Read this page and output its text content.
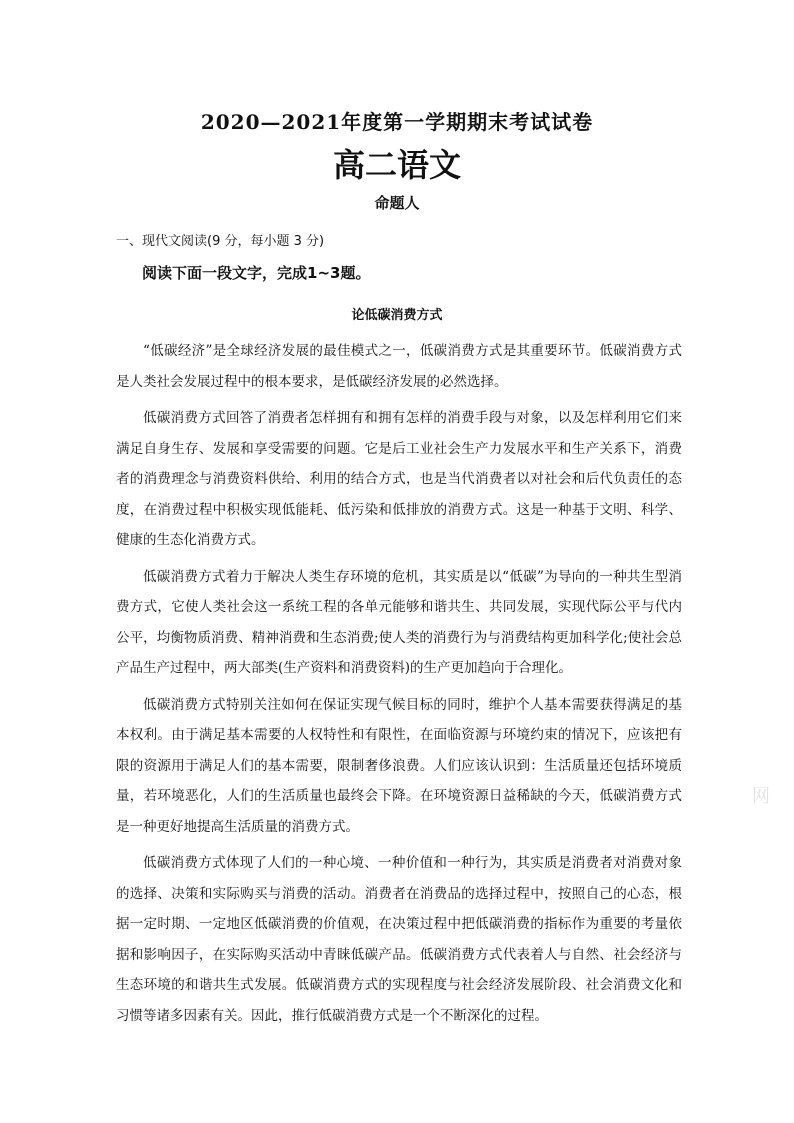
2020—2021年度第一学期期末考试试卷
高二语文
命题人
一、现代文阅读(9 分，每小题 3 分)
阅读下面一段文字，完成1~3题。
论低碳消费方式

“低碳经济”是全球经济发展的最佳模式之一，低碳消费方式是其重要环节。低碳消费方式是人类社会发展过程中的根本要求，是低碳经济发展的必然选择。

低碳消费方式回答了消费者怎样拥有和拥有怎样的消费手段与对象，以及怎样利用它们来满足自身生存、发展和享受需要的问题。它是后工业社会生产力发展水平和生产关系下，消费者的消费理念与消费资料供给、利用的结合方式，也是当代消费者以对社会和后代负责任的态度，在消费过程中积极实现低能耗、低污染和低排放的消费方式。这是一种基于文明、科学、健康的生态化消费方式。

低碳消费方式着力于解决人类生存环境的危机，其实质是以“低碳”为导向的一种共生型消费方式，它使人类社会这一系统工程的各单元能够和谐共生、共同发展，实现代际公平与代内公平，均衡物质消费、精神消费和生态消费;使人类的消费行为与消费结构更加科学化;使社会总产品生产过程中，两大部类(生产资料和消费资料)的生产更加趋向于合理化。

低碳消费方式特别关注如何在保证实现气候目标的同时，维护个人基本需要获得满足的基本权利。由于满足基本需要的人权特性和有限性，在面临资源与环境约束的情况下，应该把有限的资源用于满足人们的基本需要，限制奢侈浪费。人们应该认识到：生活质量还包括环境质量，若环境恶化，人们的生活质量也最终会下降。在环境资源日益稀缺的今天，低碳消费方式是一种更好地提高生活质量的消费方式。

低碳消费方式体现了人们的一种心境、一种价值和一种行为，其实质是消费者对消费对象的选择、决策和实际购买与消费的活动。消费者在消费品的选择过程中，按照自己的心态，根据一定时期、一定地区低碳消费的价值观，在决策过程中把低碳消费的指标作为重要的考量依据和影响因子，在实际购买活动中青睐低碳产品。低碳消费方式代表着人与自然、社会经济与生态环境的和谐共生式发展。低碳消费方式的实现程度与社会经济发展阶段、社会消费文化和习惯等诸多因素有关。因此，推行低碳消费方式是一个不断深化的过程。

网
